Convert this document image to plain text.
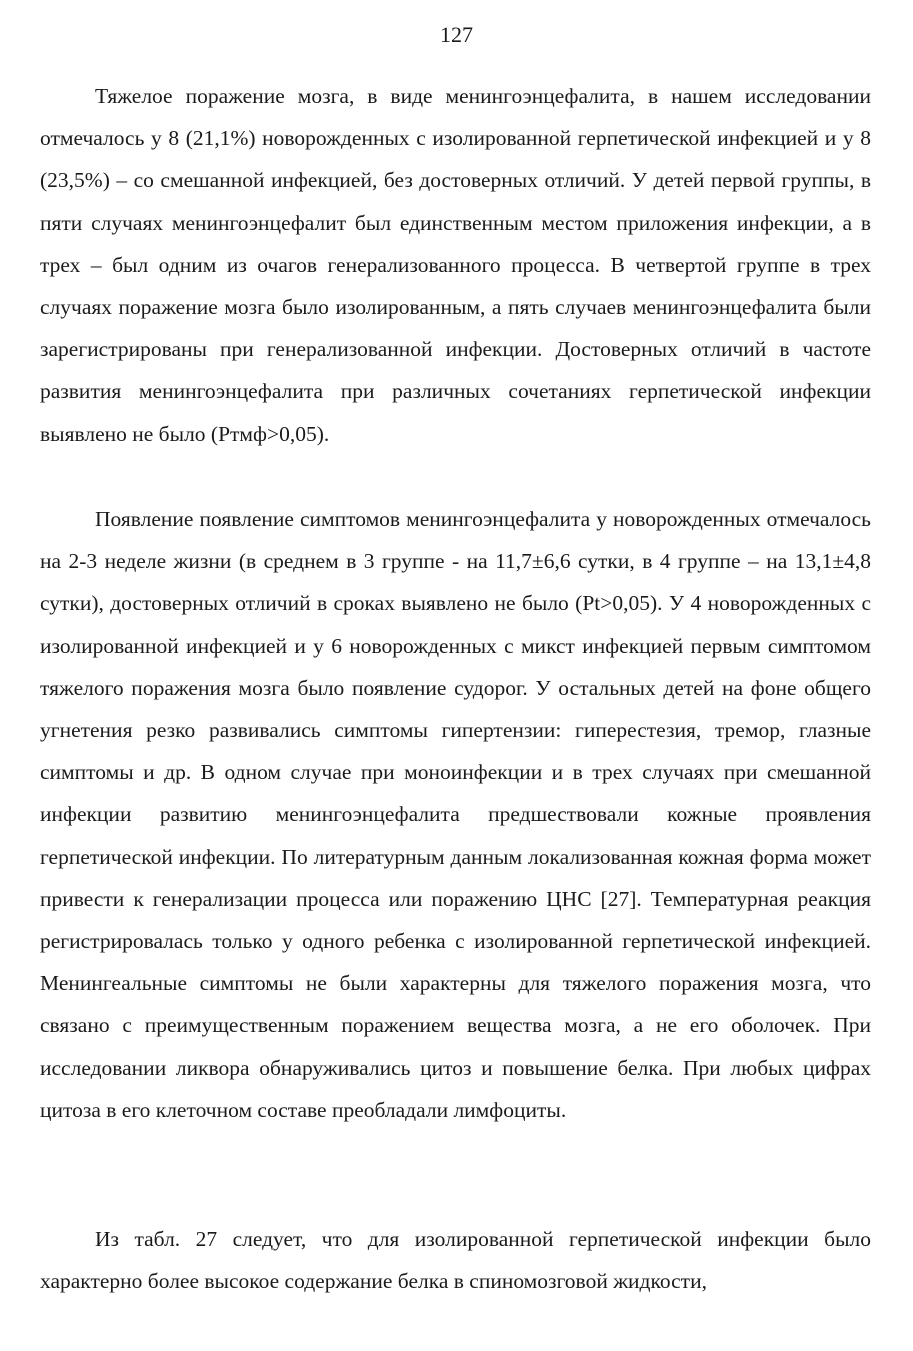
127

Тяжелое поражение мозга, в виде менингоэнцефалита, в нашем исследовании отмечалось у 8 (21,1%) новорожденных с изолированной герпетической инфекцией и у 8 (23,5%) – со смешанной инфекцией, без достоверных отличий. У детей первой группы, в пяти случаях менингоэнцефалит был единственным местом приложения инфекции, а в трех – был одним из очагов генерализованного процесса. В четвертой группе в трех случаях поражение мозга было изолированным, а пять случаев менингоэнцефалита были зарегистрированы при генерализованной инфекции. Достоверных отличий в частоте развития менингоэнцефалита при различных сочетаниях герпетической инфекции выявлено не было (Ртмф>0,05).

Появление появление симптомов менингоэнцефалита у новорожденных отмечалось на 2-3 неделе жизни (в среднем в 3 группе - на 11,7±6,6 сутки, в 4 группе – на 13,1±4,8 сутки), достоверных отличий в сроках выявлено не было (Pt>0,05). У 4 новорожденных с изолированной инфекцией и у 6 новорожденных с микст инфекцией первым симптомом тяжелого поражения мозга было появление судорог. У остальных детей на фоне общего угнетения резко развивались симптомы гипертензии: гиперестезия, тремор, глазные симптомы и др. В одном случае при моноинфекции и в трех случаях при смешанной инфекции развитию менингоэнцефалита предшествовали кожные проявления герпетической инфекции. По литературным данным локализованная кожная форма может привести к генерализации процесса или поражению ЦНС [27]. Температурная реакция регистрировалась только у одного ребенка с изолированной герпетической инфекцией. Менингеальные симптомы не были характерны для тяжелого поражения мозга, что связано с преимущественным поражением вещества мозга, а не его оболочек. При исследовании ликвора обнаруживались цитоз и повышение белка. При любых цифрах цитоза в его клеточном составе преобладали лимфоциты.

Из табл. 27 следует, что для изолированной герпетической инфекции было характерно более высокое содержание белка в спиномозговой жидкости,
